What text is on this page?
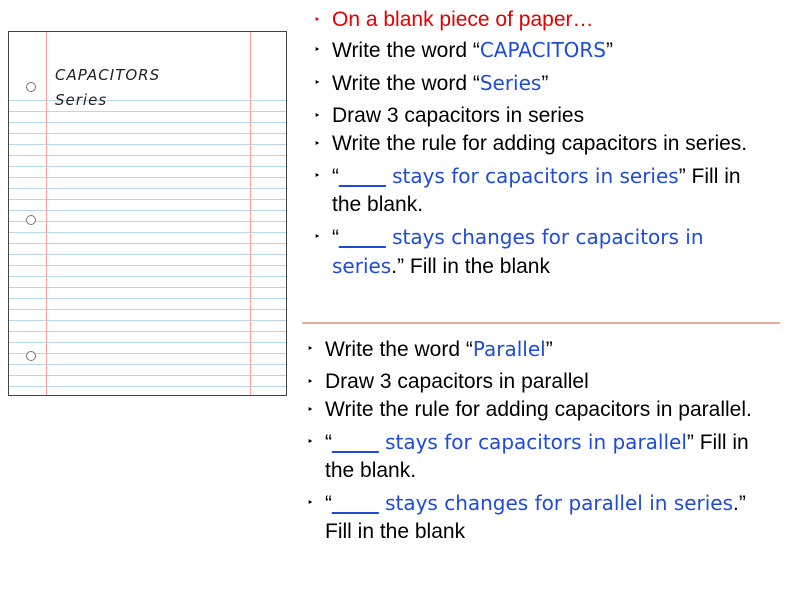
CAPACITORS
Series
‣ On a blank piece of paper…
‣ Write the word “CAPACITORS”
‣ Write the word “Series”
‣ Draw 3 capacitors in series
‣ Write the rule for adding capacitors in series.
‣ “____ stays for capacitors in series” Fill in the blank.
‣ “____ stays changes for capacitors in series.” Fill in the blank
‣ Write the word “Parallel”
‣ Draw 3 capacitors in parallel
‣ Write the rule for adding capacitors in parallel.
‣ “____ stays for capacitors in parallel” Fill in the blank.
‣ “____ stays changes for parallel in series.” Fill in the blank
